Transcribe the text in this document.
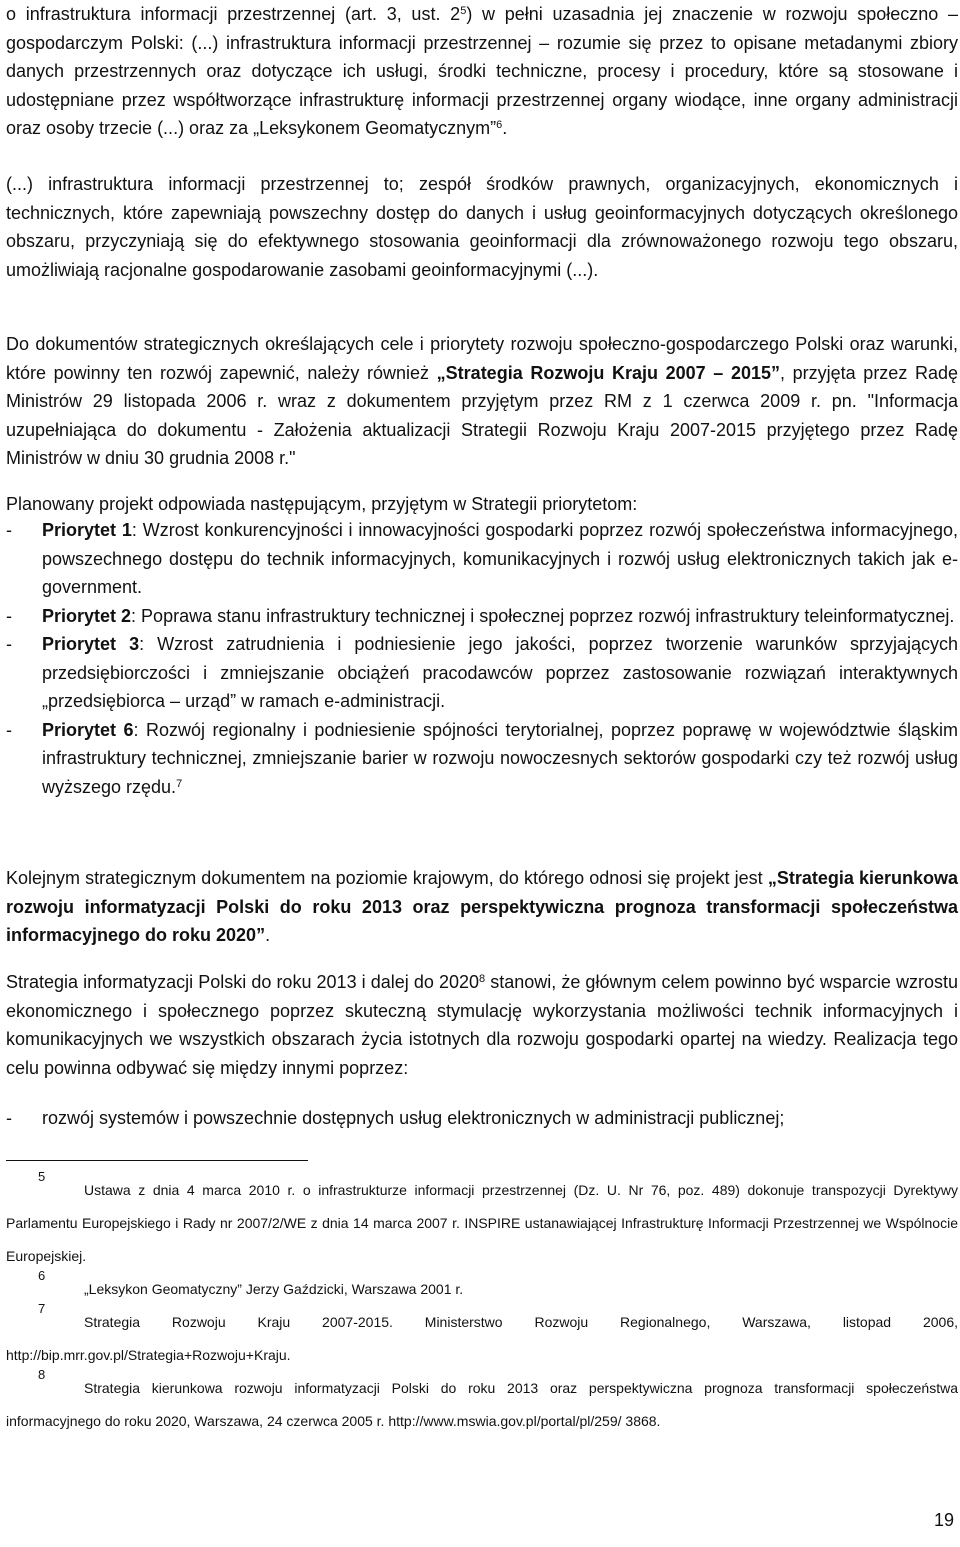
o infrastruktura informacji przestrzennej (art. 3, ust. $2^5$) w pełni uzasadnia jej znaczenie w rozwoju społeczno – gospodarczym Polski: (...) infrastruktura informacji przestrzennej – rozumie się przez to opisane metadanymi zbiory danych przestrzennych oraz dotyczące ich usługi, środki techniczne, procesy i procedury, które są stosowane i udostępniane przez współtworzące infrastrukturę informacji przestrzennej organy wiodące, inne organy administracji oraz osoby trzecie (...) oraz za „Leksykonem Geomatycznym”$^6$.

(...) infrastruktura informacji przestrzennej to; zespół środków prawnych, organizacyjnych, ekonomicznych i technicznych, które zapewniają powszechny dostęp do danych i usług geoinformacyjnych dotyczących określonego obszaru, przyczyniają się do efektywnego stosowania geoinformacji dla zrównoważonego rozwoju tego obszaru, umożliwiają racjonalne gospodarowanie zasobami geoinformacyjnymi (...).

Do dokumentów strategicznych określających cele i priorytety rozwoju społeczno-gospodarczego Polski oraz warunki, które powinny ten rozwój zapewnić, należy również „Strategia Rozwoju Kraju 2007 – 2015”, przyjęta przez Radę Ministrów 29 listopada 2006 r. wraz z dokumentem przyjętym przez RM z 1 czerwca 2009 r. pn. "Informacja uzupełniająca do dokumentu - Założenia aktualizacji Strategii Rozwoju Kraju 2007-2015 przyjętego przez Radę Ministrów w dniu 30 grudnia 2008 r."

Planowany projekt odpowiada następującym, przyjętym w Strategii priorytetom:

- Priorytet 1: Wzrost konkurencyjności i innowacyjności gospodarki poprzez rozwój społeczeństwa informacyjnego, powszechnego dostępu do technik informacyjnych, komunikacyjnych i rozwój usług elektronicznych takich jak e-government.

- Priorytet 2: Poprawa stanu infrastruktury technicznej i społecznej poprzez rozwój infrastruktury teleinformatycznej.

- Priorytet 3: Wzrost zatrudnienia i podniesienie jego jakości, poprzez tworzenie warunków sprzyjających przedsiębiorczości i zmniejszanie obciążeń pracodawców poprzez zastosowanie rozwiązań interaktywnych „przedsiębiorca – urząd” w ramach e-administracji.

- Priorytet 6: Rozwój regionalny i podniesienie spójności terytorialnej, poprzez poprawę w województwie śląskim infrastruktury technicznej, zmniejszanie barier w rozwoju nowoczesnych sektorów gospodarki czy też rozwój usług wyższego rzędu.$^7$

Kolejnym strategicznym dokumentem na poziomie krajowym, do którego odnosi się projekt jest „Strategia kierunkowa rozwoju informatyzacji Polski do roku 2013 oraz perspektywiczna prognoza transformacji społeczeństwa informacyjnego do roku 2020”.

Strategia informatyzacji Polski do roku 2013 i dalej do 2020$^8$ stanowi, że głównym celem powinno być wsparcie wzrostu ekonomicznego i społecznego poprzez skuteczną stymulację wykorzystania możliwości technik informacyjnych i komunikacyjnych we wszystkich obszarach życia istotnych dla rozwoju gospodarki opartej na wiedzy. Realizacja tego celu powinna odbywać się między innymi poprzez:

- rozwój systemów i powszechnie dostępnych usług elektronicznych w administracji publicznej;

5
Ustawa z dnia 4 marca 2010 r. o infrastrukturze informacji przestrzennej (Dz. U. Nr 76, poz. 489) dokonuje transpozycji Dyrektywy Parlamentu Europejskiego i Rady nr 2007/2/WE z dnia 14 marca 2007 r. INSPIRE ustanawiającej Infrastrukturę Informacji Przestrzennej we Wspólnocie Europejskiej.

6
„Leksykon Geomatyczny” Jerzy Gaździcki, Warszawa 2001 r.

7
Strategia Rozwoju Kraju 2007-2015. Ministerstwo Rozwoju Regionalnego, Warszawa, listopad 2006, http://bip.mrr.gov.pl/Strategia+Rozwoju+Kraju.

8
Strategia kierunkowa rozwoju informatyzacji Polski do roku 2013 oraz perspektywiczna prognoza transformacji społeczeństwa informacyjnego do roku 2020, Warszawa, 24 czerwca 2005 r. http://www.mswia.gov.pl/portal/pl/259/ 3868.

19
